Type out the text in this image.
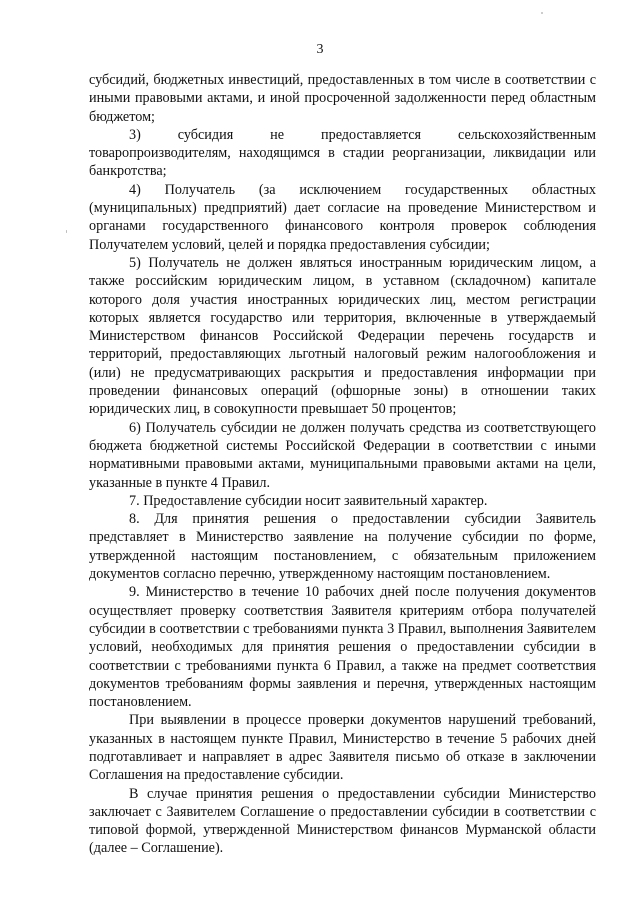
3

субсидий, бюджетных инвестиций, предоставленных в том числе в соответствии с иными правовыми актами, и иной просроченной задолженности перед областным бюджетом;

3) субсидия не предоставляется сельскохозяйственным товаропроизводителям, находящимся в стадии реорганизации, ликвидации или банкротства;

4) Получатель (за исключением государственных областных (муниципальных) предприятий) дает согласие на проведение Министерством и органами государственного финансового контроля проверок соблюдения Получателем условий, целей и порядка предоставления субсидии;

5) Получатель не должен являться иностранным юридическим лицом, а также российским юридическим лицом, в уставном (складочном) капитале которого доля участия иностранных юридических лиц, местом регистрации которых является государство или территория, включенные в утверждаемый Министерством финансов Российской Федерации перечень государств и территорий, предоставляющих льготный налоговый режим налогообложения и (или) не предусматривающих раскрытия и предоставления информации при проведении финансовых операций (офшорные зоны) в отношении таких юридических лиц, в совокупности превышает 50 процентов;

6) Получатель субсидии не должен получать средства из соответствующего бюджета бюджетной системы Российской Федерации в соответствии с иными нормативными правовыми актами, муниципальными правовыми актами на цели, указанные в пункте 4 Правил.

7. Предоставление субсидии носит заявительный характер.

8. Для принятия решения о предоставлении субсидии Заявитель представляет в Министерство заявление на получение субсидии по форме, утвержденной настоящим постановлением, с обязательным приложением документов согласно перечню, утвержденному настоящим постановлением.

9. Министерство в течение 10 рабочих дней после получения документов осуществляет проверку соответствия Заявителя критериям отбора получателей субсидии в соответствии с требованиями пункта 3 Правил, выполнения Заявителем условий, необходимых для принятия решения о предоставлении субсидии в соответствии с требованиями пункта 6 Правил, а также на предмет соответствия документов требованиям формы заявления и перечня, утвержденных настоящим постановлением.

При выявлении в процессе проверки документов нарушений требований, указанных в настоящем пункте Правил, Министерство в течение 5 рабочих дней подготавливает и направляет в адрес Заявителя письмо об отказе в заключении Соглашения на предоставление субсидии.

В случае принятия решения о предоставлении субсидии Министерство заключает с Заявителем Соглашение о предоставлении субсидии в соответствии с типовой формой, утвержденной Министерством финансов Мурманской области (далее – Соглашение).
